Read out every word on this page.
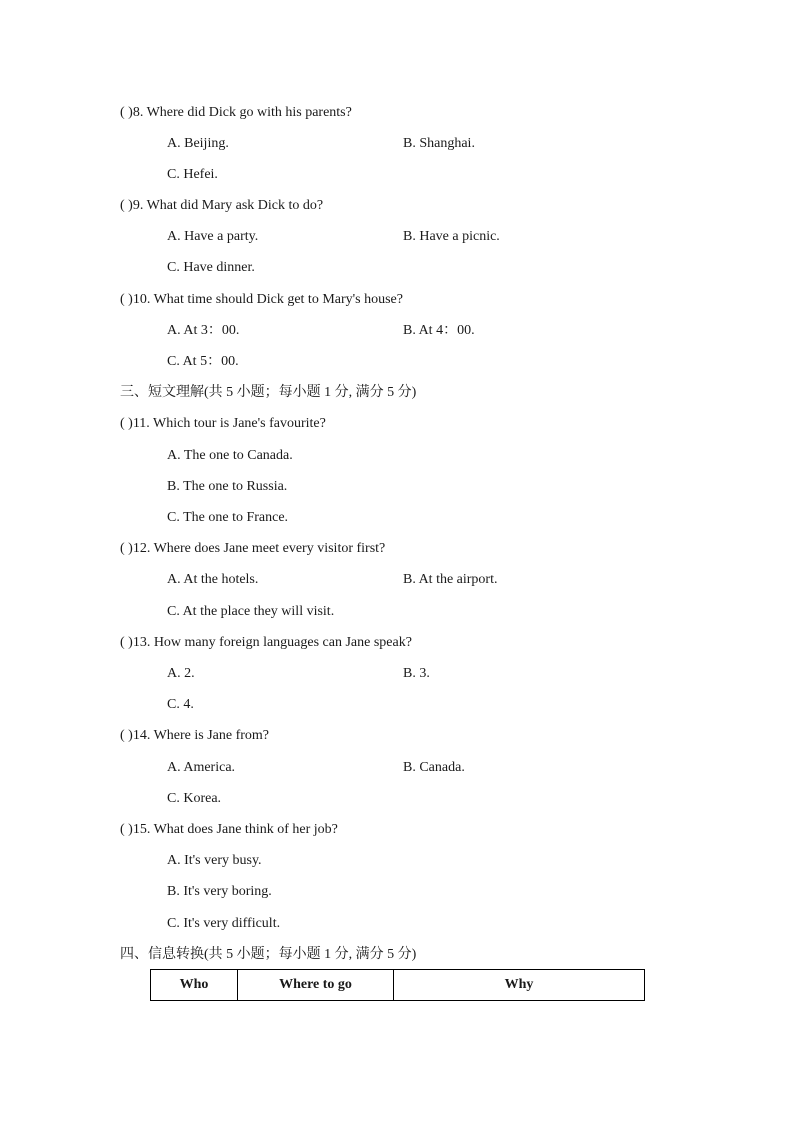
( )8. Where did Dick go with his parents?
A. Beijing.	B. Shanghai.
C. Hefei.
( )9. What did Mary ask Dick to do?
A. Have a party.	B. Have a picnic.
C. Have dinner.
( )10. What time should Dick get to Mary's house?
A. At 3：00.	B. At 4：00.
C. At 5：00.
三、短文理解(共 5 小题；每小题 1 分, 满分 5 分)
( )11. Which tour is Jane's favourite?
A. The one to Canada.
B. The one to Russia.
C. The one to France.
( )12. Where does Jane meet every visitor first?
A. At the hotels.	B. At the airport.
C. At the place they will visit.
( )13. How many foreign languages can Jane speak?
A. 2.	B. 3.
C. 4.
( )14. Where is Jane from?
A. America.	B. Canada.
C. Korea.
( )15. What does Jane think of her job?
A. It's very busy.
B. It's very boring.
C. It's very difficult.
四、信息转换(共 5 小题；每小题 1 分, 满分 5 分)
Who	Where to go	Why
